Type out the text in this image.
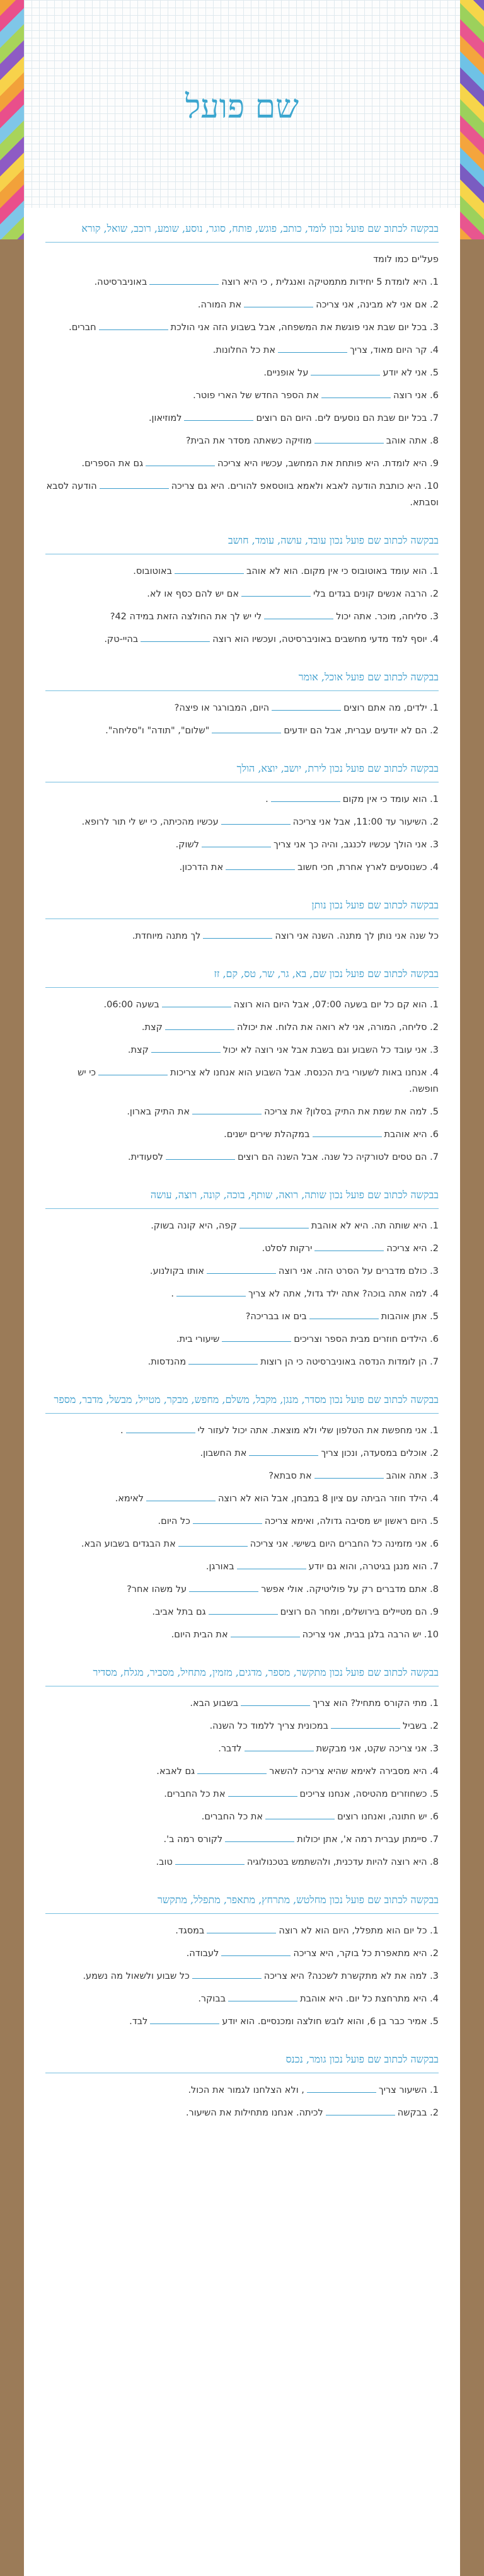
שם פועל
בבקשה לכתוב שם פועל נכון לומד, כותב, פוגש, פותח, סוגר, נוסע, שומע, רוכב, שואל, קורא
פעל'ים כמו לומד
1. היא לומדת 5 יחידות מתמטיקה ואנגלית , כי היא רוצהבאוניברסיטה.
2. אם אני לא מבינה, אני צריכהאת המורה.
3. בכל יום שבת אני פוגשת את המשפחה, אבל בשבוע הזה אני הולכתחברים.
4. קר היום מאוד, צריךאת כל החלונות.
5. אני לא יודעעל אופניים.
6. אני רוצהאת הספר החדש של הארי פוטר.
7. בכל יום שבת הם נוסעים לים. היום הם רוציםלמוזיאון.
8. אתה אוהבמוזיקה כשאתה מסדר את הבית?
9. היא לומדת. היא פותחת את המחשב, עכשיו היא צריכהגם את הספרים.
10. היא כותבת הודעה לאבא ולאמא בווטסאפ להורים. היא גם צריכההודעה לסבא וסבתא.
בבקשה לכתוב שם פועל נכון עובד, עושה, עומד, חושב
1. הוא עומד באוטובוס כי אין מקום. הוא לא אוהבבאוטובוס.
2. הרבה אנשים קונים בגדים בליאם יש להם כסף או לא.
3. סליחה, מוכר. אתה יכוללי יש לך את החולצה הזאת במידה 42?
4. יוסף למד מדעי מחשבים באוניברסיטה, ועכשיו הוא רוצהבהיי-טק.
בבקשה לכתוב שם פועל אוכל, אומר
1. ילדים, מה אתם רוציםהיום, המבורגר או פיצה?
2. הם לא יודעים עברית, אבל הם יודעים"שלום", "תודה" ו"סליחה".
בבקשה לכתוב שם פועל נכון לירת, יושב, יוצא, הולך
1. הוא עומד כי אין מקום.
2. השיעור עד 11:00, אבל אני צריכהעכשיו מהכיתה, כי יש לי תור לרופא.
3. אני הולך עכשיו לכנגב, והיה כך אני צריךלשוק.
4. כשנוסעים לארץ אחרת, חכי חשובאת הדרכון.
בבקשה לכתוב שם פועל נכון נותן
כל שנה אני נותן לך מתנה. השנה אני רוצהלך מתנה מיוחדת.
בבקשה לכתוב שם פועל נכון שם, בא, גר, שר, טס, קם, זז
1. הוא קם כל יום בשעה 07:00, אבל היום הוא רוצהבשעה 06:00.
2. סליחה, המורה, אני לא רואה את הלוח. את יכולהקצת.
3. אני עובד כל השבוע וגם בשבת אבל אני רוצה לא יכולקצת.
4. אנחנו באות לשעורי בית הכנסת. אבל השבוע הוא אנחנו לא צריכותכי יש חופשה.
5. למה את שמת את התיק בסלון? את צריכהאת התיק בארון.
6. היא אוהבתבמקהלת שירים ישנים.
7. הם טסים לטורקיה כל שנה. אבל השנה הם רוציםלסעודית.
בבקשה לכתוב שם פועל נכון שותה, רואה, שותף, בוכה, קונה, רוצה, עושה
1. היא שותה תה. היא לא אוהבתקפה, היא קונה בשוק.
2. היא צריכהירקות לסלט.
3. כולם מדברים על הסרט הזה. אני רוצהאותו בקולנוע.
4. למה אתה בוכה? אתה ילד גדול, אתה לא צריך.
5. אתן אוהבותבים או בבריכה?
6. הילדים חוזרים מבית הספר וצריכיםשיעורי בית.
7. הן לומדות הנדסה באוניברסיטה כי הן רוצותמהנדסות.
בבקשה לכתוב שם פועל נכון מסדר, מנגן, מקבל, משלם, מחפש, מבקר, מטייל, מבשל, מדבר, מספר
1. אני מחפשת את הטלפון שלי ולא מוצאת. אתה יכול לעזור לי.
2. אוכלים במסעדה, ונכון צריךאת החשבון.
3. אתה אוהבאת סבתא?
4. הילד חוזר הביתה עם ציון 8 במבחן, אבל הוא לא רוצהלאימא.
5. היום ראשון יש מסיבה גדולה, ואימא צריכהכל היום.
6. אני מזמינה כל החברים היום בשישי. אני צריכהאת הבגדים בשבוע הבא.
7. הוא מנגן בגיטרה, והוא גם יודעבאורגן.
8. אתם מדברים רק על פוליטיקה. אולי אפשרעל משהו אחר?
9. הם מטיילים בירושלים, ומחר הם רוציםגם בתל אביב.
10. יש הרבה בלגן בבית, אני צריכהאת הבית היום.
בבקשה לכתוב שם פועל נכון מתקשר, מספר, מדגים, מזמין, מתחיל, מסביר, מגלח, מסדיר
1. מתי הקורס מתחיל? הוא צריךבשבוע הבא.
2. בשבילבמכונית צריך ללמוד כל השנה.
3. אני צריכה שקט, אני מבקשתלדבר.
4. היא מסבירה לאימא שהיא צריכה להשארגם לאבא.
5. כשחוזרים מהטיסה, אנחנו צריכיםאת כל החברים.
6. יש חתונה, ואנחנו רוציםאת כל החברים.
7. סיימתן עברית רמה א', אתן יכולותלקורס רמה ב'.
8. היא רוצה להיות עדכנית, ולהשתמש בטכנולוגיהטוב.
בבקשה לכתוב שם פועל נכון מחלטש, מתרחץ, מתאפר, מתפלל, מתקשר
1. כל יום הוא מתפלל, היום הוא לא רוצהבמסגד.
2. היא מתאפרת כל בוקר, היא צריכהלעבודה.
3. למה את לא מתקשרת לשכנה? היא צריכהכל שבוע ולשאול מה נשמע.
4. היא מתרחצת כל יום. היא אוהבתבבוקר.
5. אמיר כבר בן 6, והוא לובש חולצה ומכנסיים. הוא יודעלבד.
בבקשה לכתוב שם פועל נכון גומר, נכנס
1. השיעור צריך, ולא הצלחנו לגמור את הכול.
2. בבקשהלכיתה. אנחנו מתחילות את השיעור.
